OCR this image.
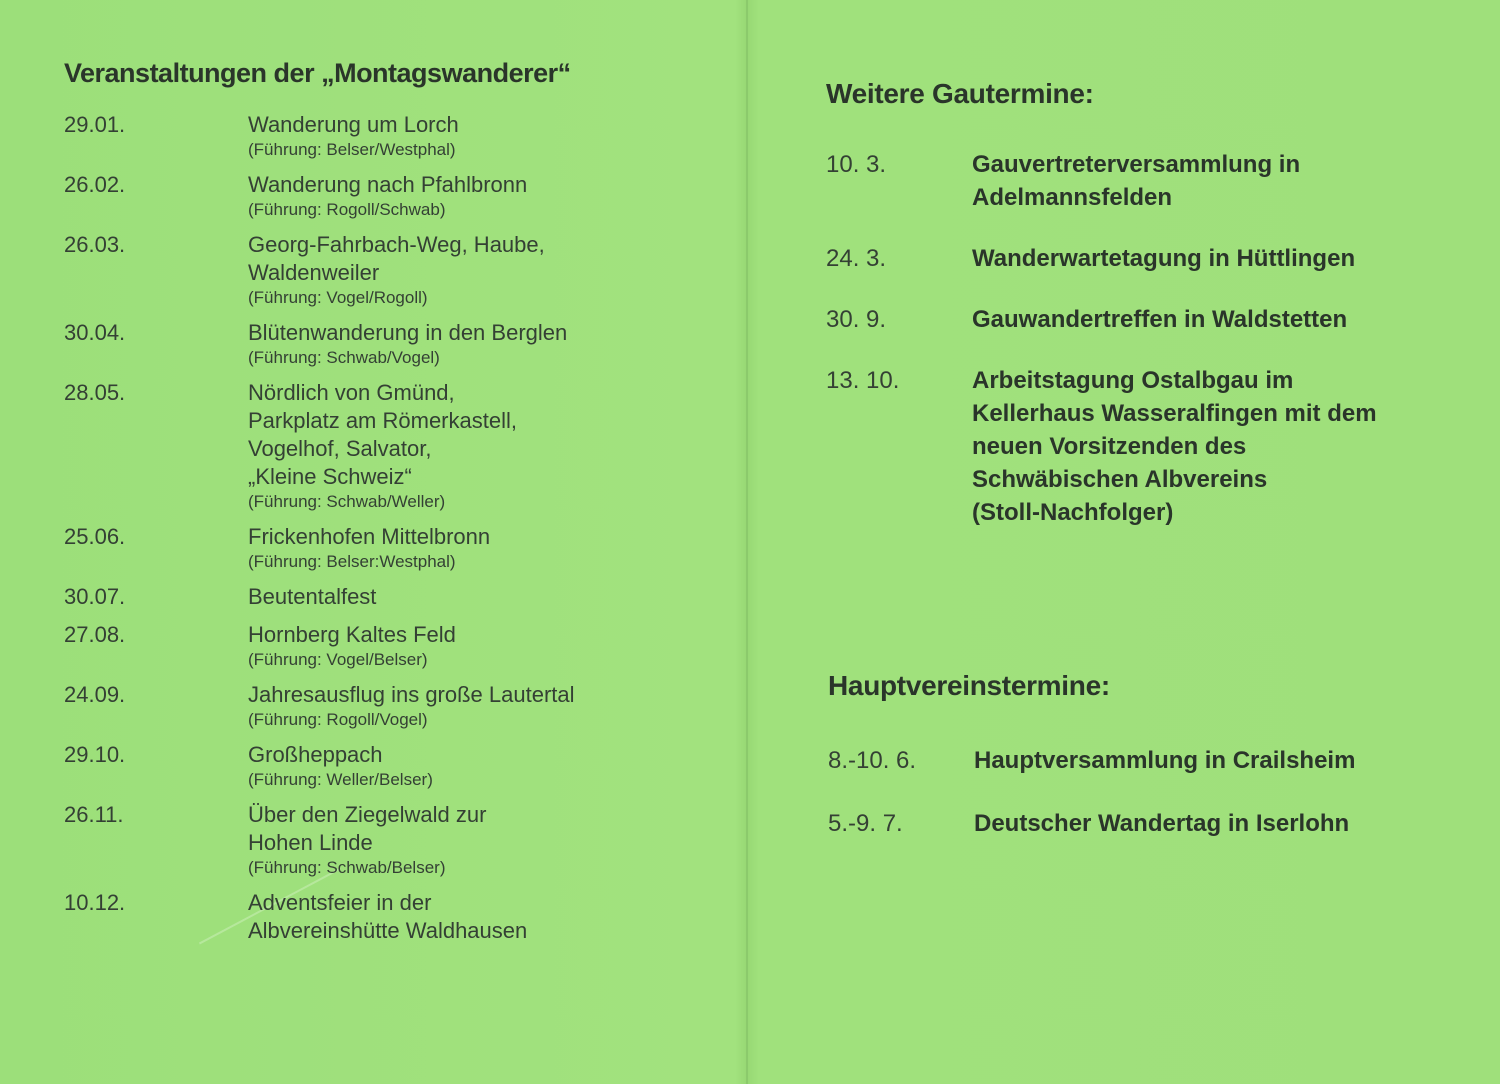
Veranstaltungen der „Montagswanderer“
29.01.	Wanderung um Lorch
(Führung: Belser/Westphal)
26.02.	Wanderung nach Pfahlbronn
(Führung: Rogoll/Schwab)
26.03.	Georg-Fahrbach-Weg, Haube,
Waldenweiler
(Führung: Vogel/Rogoll)
30.04.	Blütenwanderung in den Berglen
(Führung: Schwab/Vogel)
28.05.	Nördlich von Gmünd,
Parkplatz am Römerkastell,
Vogelhof, Salvator,
„Kleine Schweiz“
(Führung: Schwab/Weller)
25.06.	Frickenhofen Mittelbronn
(Führung: Belser:Westphal)
30.07.	Beutentalfest
27.08.	Hornberg Kaltes Feld
(Führung: Vogel/Belser)
24.09.	Jahresausflug ins große Lautertal
(Führung: Rogoll/Vogel)
29.10.	Großheppach
(Führung: Weller/Belser)
26.11.	Über den Ziegelwald zur
Hohen Linde
(Führung: Schwab/Belser)
10.12.	Adventsfeier in der
Albvereinshütte Waldhausen
Weitere Gautermine:
10. 3.	Gauvertreterversammlung in
Adelmannsfelden
24. 3.	Wanderwartetagung in Hüttlingen
30. 9.	Gauwandertreffen in Waldstetten
13. 10.	Arbeitstagung Ostalbgau im
Kellerhaus Wasseralfingen mit dem
neuen Vorsitzenden des
Schwäbischen Albvereins
(Stoll-Nachfolger)
Hauptvereinstermine:
8.-10. 6.	Hauptversammlung in Crailsheim
5.-9. 7.	Deutscher Wandertag in Iserlohn
